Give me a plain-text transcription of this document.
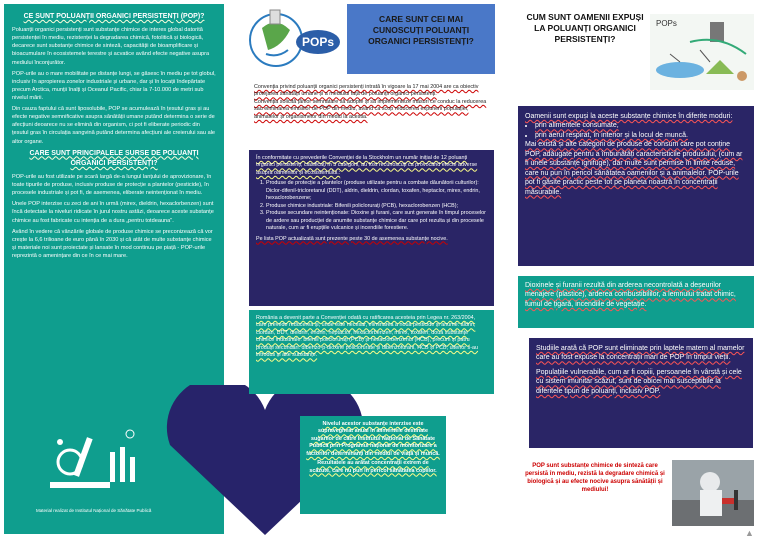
CE SUNT POLUANȚII ORGANICI PERSISTENȚI (POP)?

Poluanții organici persistenți sunt substanțe chimice de interes global datorită persistenței în mediu, rezistenței la degradarea chimică, fotolitică și biologică, decarece sunt substanțe chimice de sinteză, capacității de bioamplificare și bioacumulare în ecosistemele terestre și acvatice având efecte negative asupra mediului înconjurător.

POP-urile au o mare mobilitate pe distanțe lungi, se găsesc în mediu pe tot globul, inclusiv în apropierea zonelor industriale și urbane, dar și în locații îndepărtate precum Arctica, munții înalți și Oceanul Pacific, chiar la 7-10.000 de metri sub nivelul mării.

Din cauza faptului că sunt liposolubile, POP se acumulează în țesutul gras și au efecte negative semnificative asupra sănătății umane putând determina o serie de afecțiuni deoarece nu se elimină din organism, ci pot fi eliberate periodic din țesutul gras în circulația sangvină putând determina afecțiuni ale creierului sau ale altor organe.

CARE SUNT PRINCIPALELE SURSE DE POLUANȚI ORGANICI PERSISTENȚI?

POP-urile au fost utilizate pe scară largă de-a lungul lanțului de aprovizionare, în toate tipurile de produse, inclusiv produse de protecție a plantelor (pesticide), în procesele industriale și pot fi, de asemenea, eliberate neintenționat în mediu.

Unele POP interzise cu zeci de ani în urmă (mirex, dieldrin, hexaclorbenzen) sunt încă detectate la niveluri ridicate în jurul nostru astăzi, deoarece aceste substanțe chimice au fost fabricate cu intenția de a dura „pentru totdeauna".

Având în vedere că vânzările globale de produse chimice se preconizează că vor crește la 6,6 trilioane de euro până în 2030 și că atât de multe substanțe chimice și materiale noi sunt proiectate și lansate în mod continuu pe piață - POP-urile reprezintă o amenințare din ce în ce mai mare.

Material realizat de Institutul Național de Sănătate Publică
POPs
CARE SUNT CEI MAI CUNOSCUȚI POLUANȚI ORGANICI PERSISTENȚI?
Convenția privind poluanții organici persistenți intrată în vigoare la 17 mai 2004 are ca obiectiv protejarea sănătății umane și a mediului față de poluanții organici persistenți.
Convenția solicită țărilor semnatare să adopte și să implementeze măsuri ce conduc la reducerea sau eliminarea emisiilor de POP din mediu, având ca scop reducerea expunerii populației, animalelor și organismelor din mediu la acestia.
În conformitate cu prevederile Convenției de la Stockholm un număr inițial de 12 poluanți organici persistenți, clasificați în 3 categorii, au fost recunoscuți ca provocând efecte adverse asupra oamenilor și ecosistemului.:
1. Produse de protecție a plantelor (produse utilizate pentru a combate dăunătorii culturilor): Diclor-difenil-tricloretanul (DDT), aldrin, dieldrin, clordan, toxafen, heptaclor, mirex, endrin, hexaclorobenzene;
2. Produse chimice industriale: Bifenili policlorurați (PCB), hexaclorobenzen (HCB);
3. Produse secundare neintenționate: Dioxine și furani, care sunt generate în timpul proceselor de ardere sau producției de anumite substanțe chimice dar care pot rezulta și din procesele naturale, cum ar fi erupțiile vulcanice și incendiile forestiere.
Pe lista POP actualizată sunt prezente peste 30 de asemenea substanțe nocive.
România a devenit parte a Convenției odată cu ratificarea acesteia prin Legea nr. 263/2004, care prevede reducerea și, unde este necesar, eliminarea a nouă pesticide și anume: aldrin, clordan, DDT, dieldrin, endrin, heptaclor, hexaclorbenzen, mirex, toxafen; două substanțe chimice industriale: bifenili policlorurați (PCB) și hexaclorbenzenul (HCB), precum și patru produși secundari: dibenzo-p-dioxine policlorurate și dibenzofurani, HCB și PCB; ulterior s-au introdus și alte substanțe.
Nivelul acestor substanțe interzise este supravegheat anual în alimentele destinate sugarilor de către Institutul Național de Sănătate Publică prin Programul național de monitorizare a factorilor determinanți din mediul de viață și muncă.
Rezultatele au arătat concentrații extrem de scăzute, care nu pun în pericol sănătatea copiilor.
CUM SUNT OAMENII EXPUȘI LA POLUANȚI ORGANICI PERSISTENȚI?
POPs
Oamenii sunt expuși la aceste substanțe chimice în diferite moduri:
• prin alimentele consumate,
• prin aerul respirat, în interior și la locul de muncă.
Mai există și alte categorii de produse de consum care pot conține POP, adăugate pentru a îmbunătăți caracteristicile produsului, (cum ar fi unele substanțe ignifuge), dar multe sunt permise în limite reduse, care nu pun în pericol sănătatea oamenilor și a animalelor. POP-urile pot fi găsite practic peste tot pe planeta noastră în concentrații măsurabile.
Dioxinele și furanii rezultă din arderea necontrolată a deșeurilor menajere (plastice), arderea combustibililor, a lemnului tratat chimic, fumul de țigară, incendiile de vegetație.
Studiile arată că POP sunt eliminate prin laptele matern al mamelor care au fost expuse la concentrații mari de POP în timpul vieții.
Populațiile vulnerabile, cum ar fi copiii, persoanele în vârstă și cele cu sistem imunitar scăzut, sunt de obicei mai susceptibile la diferitele tipuri de poluanți, inclusiv POP.
POP sunt substanțe chimice de sinteză care persistă în mediu, rezistă la degradare chimică și biologică și au efecte nocive asupra sănătății și mediului!
▲
